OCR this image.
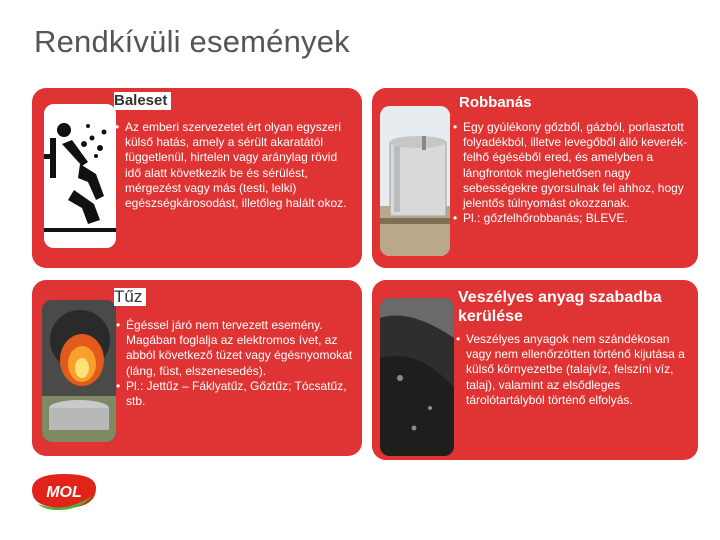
Rendkívüli események
Baleset
• Az emberi szervezetet ért olyan egyszeri külső hatás, amely a sérült akaratától függetlenül, hirtelen vagy aránylag rövid idő alatt következik be és sérülést, mérgezést vagy más (testi, lelki) egészségkárosodást, illetőleg halált okoz.
Robbanás
• Egy gyúlékony gőzből, gázból, porlasztott folyadékból, illetve levegőből álló keverék-felhő égéséből ered, és amelyben a lángfrontok meglehetősen nagy sebességekre gyorsulnak fel ahhoz, hogy jelentős túlnyomást okozzanak.
• Pl.: gőzfelhőrobbanás; BLEVE.
Tűz
• Égéssel járó nem tervezett esemény. Magában foglalja az elektromos ívet, az abból következő tüzet vagy égésnyomokat (láng, füst, elszenesedés).
• Pl.: Jettűz – Fáklyatűz, Gőztűz; Tócsatűz, stb.
Veszélyes anyag szabadba kerülése
• Veszélyes anyagok nem szándékosan vagy nem ellenőrzötten történő kijutása a külső környezetbe (talajvíz, felszíni víz, talaj), valamint az elsődleges tárolótartályból történő elfolyás.
MOL
